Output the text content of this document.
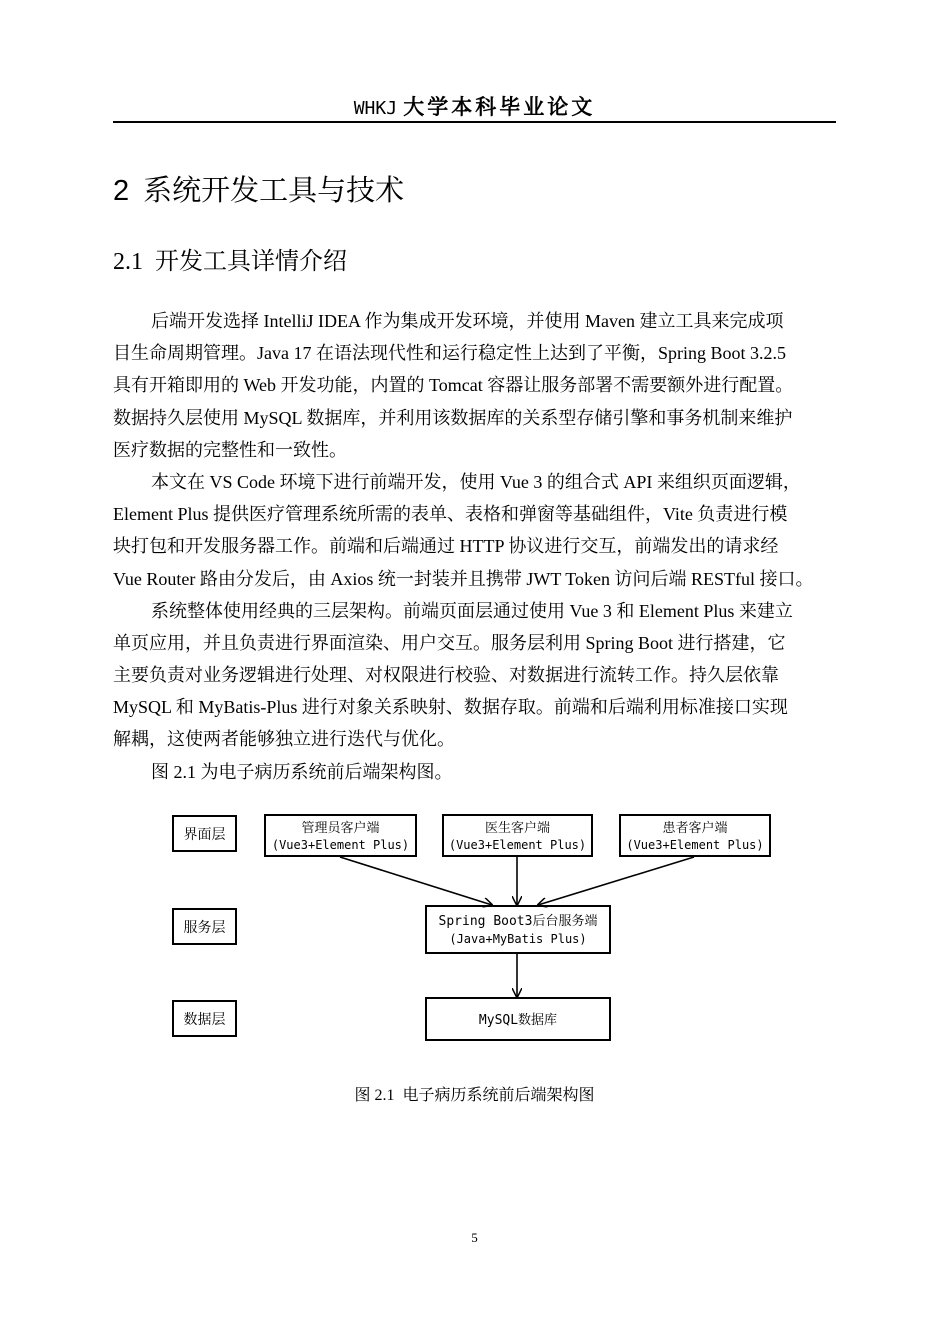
WHKJ 大学本科毕业论文
2 系统开发工具与技术
2.1 开发工具详情介绍
后端开发选择 IntelliJ IDEA 作为集成开发环境，并使用 Maven 建立工具来完成项
目生命周期管理。Java 17 在语法现代性和运行稳定性上达到了平衡，Spring Boot 3.2.5
具有开箱即用的 Web 开发功能，内置的 Tomcat 容器让服务部署不需要额外进行配置。
数据持久层使用 MySQL 数据库，并利用该数据库的关系型存储引擎和事务机制来维护
医疗数据的完整性和一致性。
本文在 VS Code 环境下进行前端开发，使用 Vue 3 的组合式 API 来组织页面逻辑，
Element Plus 提供医疗管理系统所需的表单、表格和弹窗等基础组件，Vite 负责进行模
块打包和开发服务器工作。前端和后端通过 HTTP 协议进行交互，前端发出的请求经
Vue Router 路由分发后，由 Axios 统一封装并且携带 JWT Token 访问后端 RESTful 接口。
系统整体使用经典的三层架构。前端页面层通过使用 Vue 3 和 Element Plus 来建立
单页应用，并且负责进行界面渲染、用户交互。服务层利用 Spring Boot 进行搭建，它
主要负责对业务逻辑进行处理、对权限进行校验、对数据进行流转工作。持久层依靠
MySQL 和 MyBatis-Plus 进行对象关系映射、数据存取。前端和后端利用标准接口实现
解耦，这使两者能够独立进行迭代与优化。
图 2.1 为电子病历系统前后端架构图。
界面层
服务层
数据层
管理员客户端
(Vue3+Element Plus)
医生客户端
(Vue3+Element Plus)
患者客户端
(Vue3+Element Plus)
Spring Boot3后台服务端
(Java+MyBatis Plus)
MySQL数据库
图 2.1 电子病历系统前后端架构图
5
